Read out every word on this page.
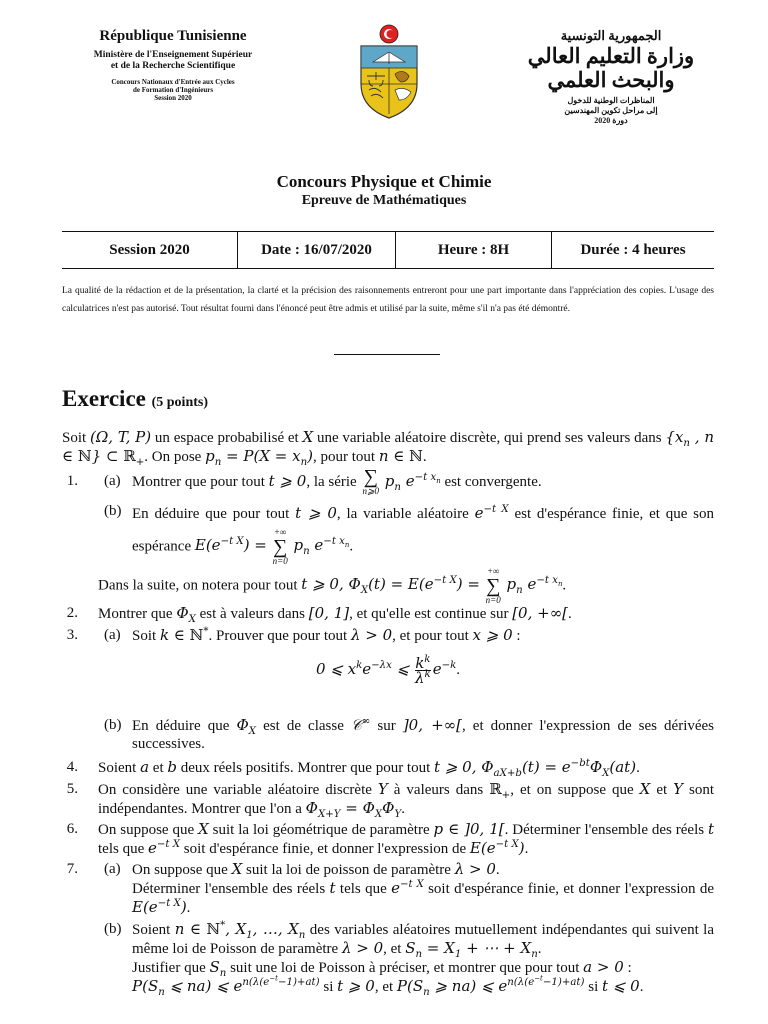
République Tunisienne
Ministère de l'Enseignement Supérieur
et de la Recherche Scientifique
Concours Nationaux d'Entrée aux Cycles
de Formation d'Ingénieurs
Session 2020
الجمهورية التونسية
وزارة التعليم العالي
والبحث العلمي
المناظرات الوطنية للدخول
إلى مراحل تكوين المهندسين
دورة 2020
Concours Physique et Chimie
Epreuve de Mathématiques
Session 2020	Date : 16/07/2020	Heure : 8H	Durée : 4 heures
La qualité de la rédaction et de la présentation, la clarté et la précision des raisonnements entreront pour une part importante dans l'appréciation des copies. L'usage des calculatrices n'est pas autorisé. Tout résultat fourni dans l'énoncé peut être admis et utilisé par la suite, même s'il n'a pas été démontré.
Exercice (5 points)

Soit (Ω, T, P) un espace probabilisé et X une variable aléatoire discrète, qui prend ses valeurs dans {$x_n$ , n ∈ ℕ} ⊂ ℝ$_+$. On pose $p_n = P(X = x_n)$, pour tout n ∈ ℕ.

1. (a) Montrer que pour tout t ⩾ 0, la série ∑
n⩾0
$p_n$ $e^{-t x_n}$ est convergente.
(b) En déduire que pour tout t ⩾ 0, la variable aléatoire $e^{-t X}$ est d'espérance finie, et que son espérance $E(e^{-t X})$ =
+∞
∑
n=0
$p_n$ $e^{-t x_n}$.
Dans la suite, on notera pour tout t ⩾ 0, $\Phi_X(t) = E(e^{-t X})$ =
+∞
∑
n=0
$p_n$ $e^{-t x_n}$.
2. Montrer que $\Phi_X$ est à valeurs dans [0, 1], et qu'elle est continue sur [0, +∞[.
3. (a) Soit k ∈ ℕ*. Prouver que pour tout λ > 0, et pour tout x ⩾ 0 :
0 ⩽ $x^ke^{-\lambda x}$ ⩽ $\frac{k^k}{\lambda^k} e^{-k}$.
(b) En déduire que $\Phi_X$ est de classe 𝒞∞ sur ]0, +∞[, et donner l'expression de ses dérivées successives.
4. Soient a et b deux réels positifs. Montrer que pour tout t ⩾ 0, $\Phi_{aX+b}(t) = e^{-bt}\Phi_X(at)$.
5. On considère une variable aléatoire discrète Y à valeurs dans ℝ$_+$, et on suppose que X et Y sont indépendantes. Montrer que l'on a $\Phi_{X+Y} = \Phi_X\Phi_Y$.
6. On suppose que X suit la loi géométrique de paramètre p ∈ ]0, 1[. Déterminer l'ensemble des réels t tels que $e^{-t X}$ soit d'espérance finie, et donner l'expression de $E(e^{-t X})$.
7. (a) On suppose que X suit la loi de poisson de paramètre λ > 0.
Déterminer l'ensemble des réels t tels que $e^{-t X}$ soit d'espérance finie, et donner l'expression de $E(e^{-t X})$.
(b) Soient n ∈ ℕ*, $X_1$, …, $X_n$ des variables aléatoires mutuellement indépendantes qui suivent la même loi de Poisson de paramètre λ > 0, et $S_n = X_1$ + ⋯ + $X_n$.
Justifier que $S_n$ suit une loi de Poisson à préciser, et montrer que pour tout a > 0 :
$P(S_n$ ⩽ na) ⩽ $e^{n(\lambda(e^{-t}-1)+at)}$ si t ⩾ 0, et $P(S_n$ ⩾ na) ⩽ $e^{n(\lambda(e^{-t}-1)+at)}$ si t ⩽ 0.
